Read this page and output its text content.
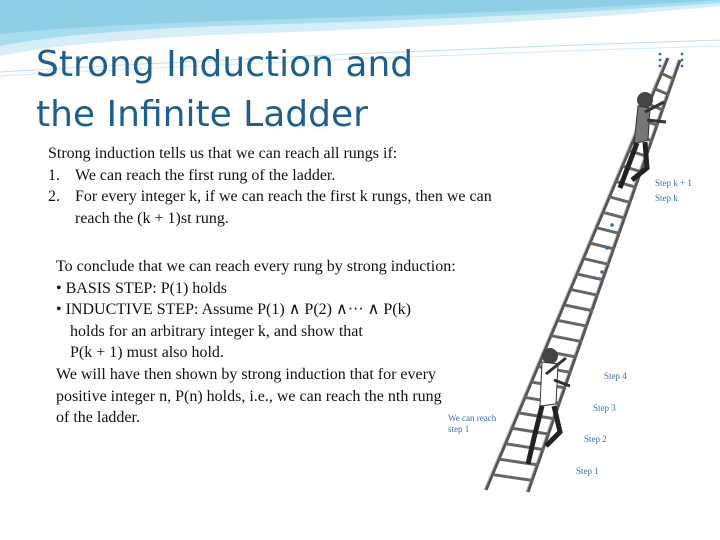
Strong Induction and
the Infinite Ladder

Strong induction tells us that we can reach all rungs if:

1. We can reach the first rung of the ladder.
2. For every integer k, if we can reach the first k rungs, then we can reach the (k + 1)st rung.

To conclude that we can reach every rung by strong induction:

• BASIS STEP: P(1) holds

• INDUCTIVE STEP: Assume P(1) ∧ P(2) ∧··· ∧ P(k)

holds for an arbitrary integer k, and show that

P(k + 1) must also hold.

We will have then shown by strong induction that for every positive integer n, P(n) holds, i.e., we can reach the nth rung of the ladder.

Step k + 1
Step k
Step 4
Step 3
Step 2
Step 1
We can reach
step 1
